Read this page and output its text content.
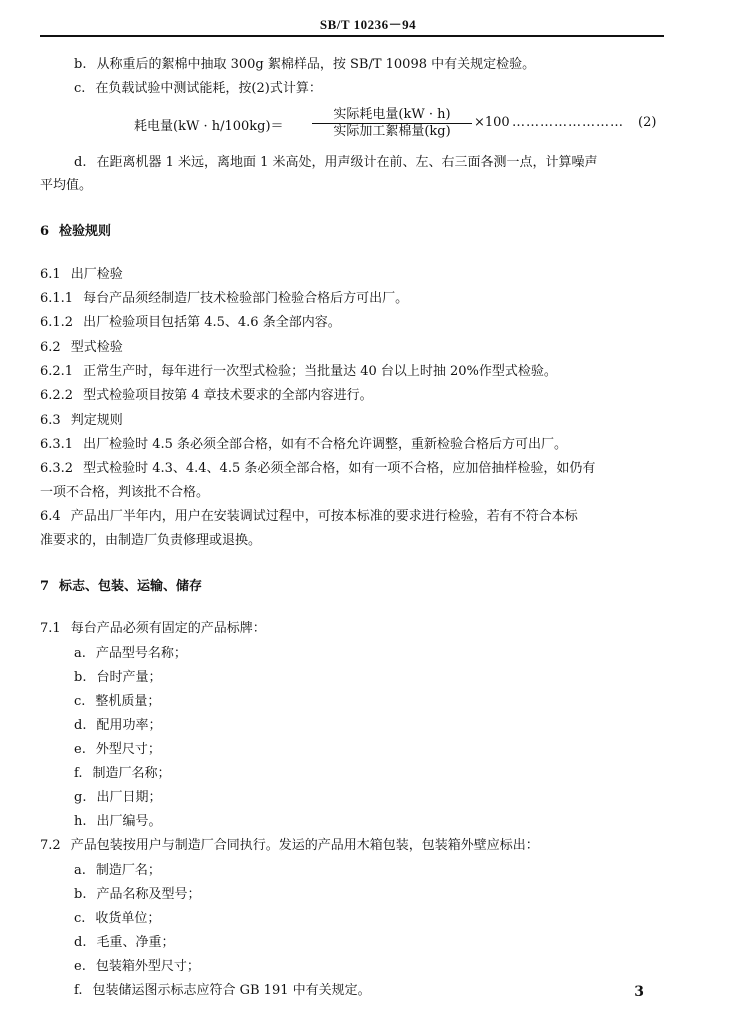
SB/T 10236－94
b. 从称重后的絮棉中抽取 300g 絮棉样品，按 SB/T 10098 中有关规定检验。
c. 在负载试验中测试能耗，按(2)式计算：
d. 在距离机器 1 米远，离地面 1 米高处，用声级计在前、左、右三面各测一点，计算噪声
平均值。
6 检验规则
6.1 出厂检验
6.1.1 每台产品须经制造厂技术检验部门检验合格后方可出厂。
6.1.2 出厂检验项目包括第 4.5、4.6 条全部内容。
6.2 型式检验
6.2.1 正常生产时，每年进行一次型式检验；当批量达 40 台以上时抽 20%作型式检验。
6.2.2 型式检验项目按第 4 章技术要求的全部内容进行。
6.3 判定规则
6.3.1 出厂检验时 4.5 条必须全部合格，如有不合格允许调整，重新检验合格后方可出厂。
6.3.2 型式检验时 4.3、4.4、4.5 条必须全部合格，如有一项不合格，应加倍抽样检验，如仍有
一项不合格，判该批不合格。
6.4 产品出厂半年内，用户在安装调试过程中，可按本标准的要求进行检验，若有不符合本标
准要求的，由制造厂负责修理或退换。
7 标志、包装、运输、储存
7.1 每台产品必须有固定的产品标牌：
a. 产品型号名称；
b. 台时产量；
c. 整机质量；
d. 配用功率；
e. 外型尺寸；
f. 制造厂名称；
g. 出厂日期；
h. 出厂编号。
7.2 产品包装按用户与制造厂合同执行。发运的产品用木箱包装，包装箱外壁应标出：
a. 制造厂名；
b. 产品名称及型号；
c. 收货单位；
d. 毛重、净重；
e. 包装箱外型尺寸；
f. 包装储运图示标志应符合 GB 191 中有关规定。
耗电量(kW · h/100kg)＝
实际耗电量(kW · h)
实际加工絮棉量(kg)
×100 …………………… (2)
3
